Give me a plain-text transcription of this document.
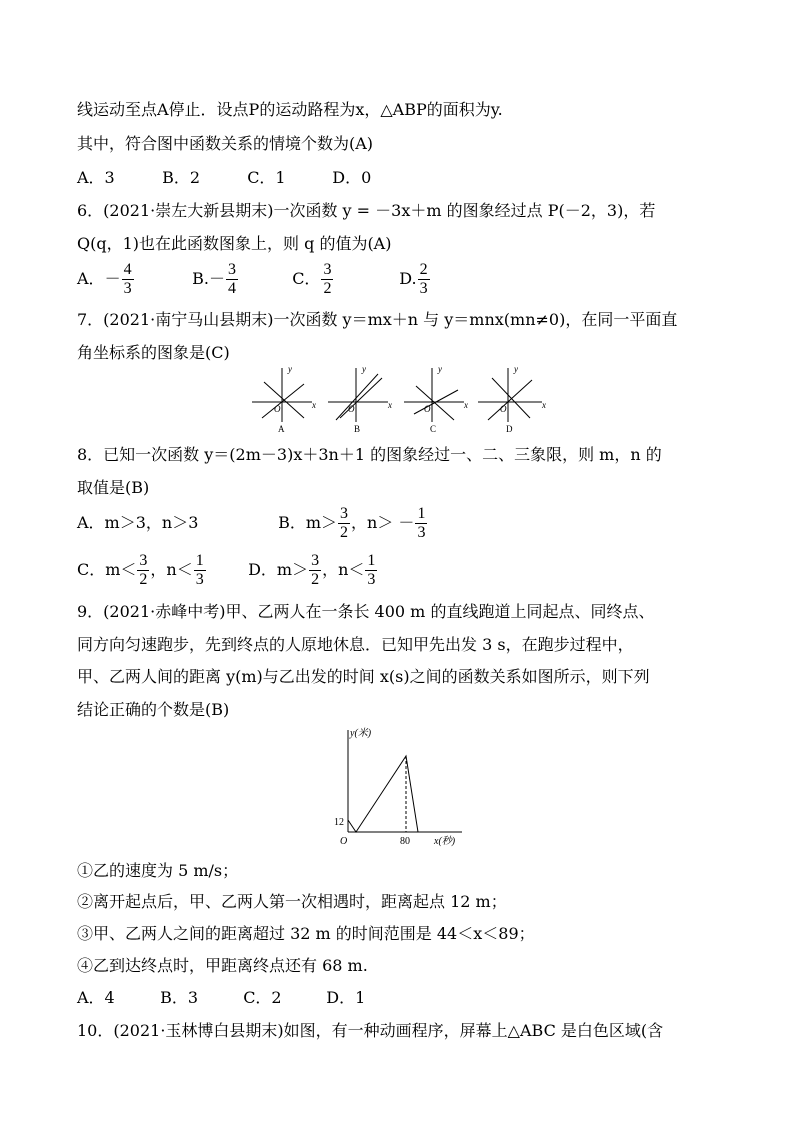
线运动至点A停止．设点P的运动路程为x，△ABP的面积为y.
其中，符合图中函数关系的情境个数为(A)
A．3	B．2	C．1	D．0
6．(2021·崇左大新县期末)一次函数 y = －3x＋m 的图象经过点 P(－2，3)，若
Q(q，1)也在此函数图象上，则 q 的值为(A)
A．－ $\frac{4}{3}$	$B.- \frac{3}{4}$	C． $\frac{3}{2}$	D. $\frac{2}{3}$
7．(2021·南宁马山县期末)一次函数 y＝mx＋n 与 y＝mnx(mn≠0)，在同一平面直
角坐标系的图象是(C)
y
x
O
A
y
x
O
B
y
x
O
C
y
x
O
D
8．已知一次函数 y＝(2m－3)x＋3n＋1 的图象经过一、二、三象限，则 m，n 的
取值是(B)
A．m＞3，n＞3	B．$m> \frac{3}{2}$ ，$n> - \frac{1}{3}$
C．$m< \frac{3}{2}$ ，$n< \frac{1}{3}$	D．$m> \frac{3}{2}$ ，$n< \frac{1}{3}$
9．(2021·赤峰中考)甲、乙两人在一条长 400 m 的直线跑道上同起点、同终点、
同方向匀速跑步，先到终点的人原地休息．已知甲先出发 3 s，在跑步过程中，
甲、乙两人间的距离 y(m)与乙出发的时间 x(s)之间的函数关系如图所示，则下列
结论正确的个数是(B)
y(米)
x(秒)
O
12
80
①乙的速度为 5 m/s；
②离开起点后，甲、乙两人第一次相遇时，距离起点 12 m；
③甲、乙两人之间的距离超过 32 m 的时间范围是 44＜x＜89；
④乙到达终点时，甲距离终点还有 68 m.
A．4	B．3	C．2	D．1
10．(2021·玉林博白县期末)如图，有一种动画程序，屏幕上△ABC 是白色区域(含
